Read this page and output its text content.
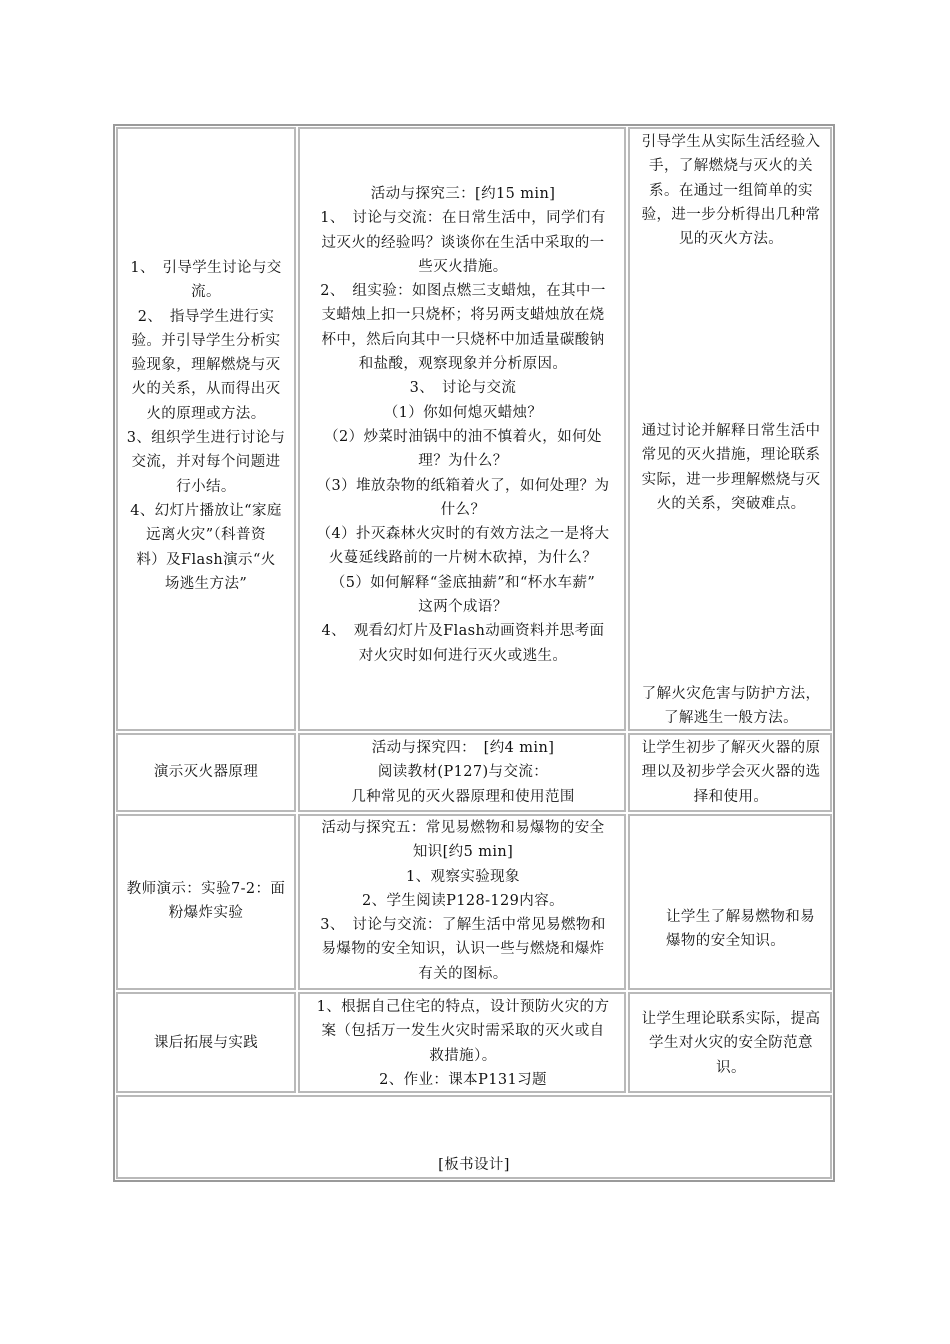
1、　引导学生讨论与交
流。
2、　指导学生进行实
验。并引导学生分析实
验现象，理解燃烧与灭
火的关系，从而得出灭
火的原理或方法。
3、组织学生进行讨论与
交流，并对每个问题进
行小结。
4、幻灯片播放让“家庭
远离火灾”（科普资
料）及Flash演示“火
场逃生方法”
活动与探究三：[约15 min]
1、　讨论与交流：在日常生活中，同学们有
过灭火的经验吗？谈谈你在生活中采取的一
些灭火措施。
2、　组实验：如图点燃三支蜡烛，在其中一
支蜡烛上扣一只烧杯；将另两支蜡烛放在烧
杯中，然后向其中一只烧杯中加适量碳酸钠
和盐酸，观察现象并分析原因。
3、　讨论与交流
（1）你如何熄灭蜡烛？
（2）炒菜时油锅中的油不慎着火，如何处
理？为什么？
（3）堆放杂物的纸箱着火了，如何处理？为
什么？
（4）扑灭森林火灾时的有效方法之一是将大
火蔓延线路前的一片树木砍掉，为什么？
（5）如何解释“釜底抽薪”和“杯水车薪”
这两个成语？
4、　观看幻灯片及Flash动画资料并思考面
对火灾时如何进行灭火或逃生。
引导学生从实际生活经验入
手，了解燃烧与灭火的关
系。在通过一组简单的实
验，进一步分析得出几种常
见的灭火方法。
通过讨论并解释日常生活中
常见的灭火措施，理论联系
实际，进一步理解燃烧与灭
火的关系，突破难点。
了解火灾危害与防护方法，
了解逃生一般方法。
演示灭火器原理
活动与探究四：　[约4 min]
阅读教材(P127)与交流：
几种常见的灭火器原理和使用范围
让学生初步了解灭火器的原
理以及初步学会灭火器的选
择和使用。
教师演示：实验7-2：面
粉爆炸实验
活动与探究五：常见易燃物和易爆物的安全
知识[约5 min]
1、观察实验现象
2、学生阅读P128-129内容。
3、　讨论与交流：了解生活中常见易燃物和
易爆物的安全知识，认识一些与燃烧和爆炸
有关的图标。
让学生了解易燃物和易
爆物的安全知识。
课后拓展与实践
1、根据自己住宅的特点，设计预防火灾的方
案（包括万一发生火灾时需采取的灭火或自
救措施）。
2、作业：课本P131习题
让学生理论联系实际，提高
学生对火灾的安全防范意
识。
[板书设计]
